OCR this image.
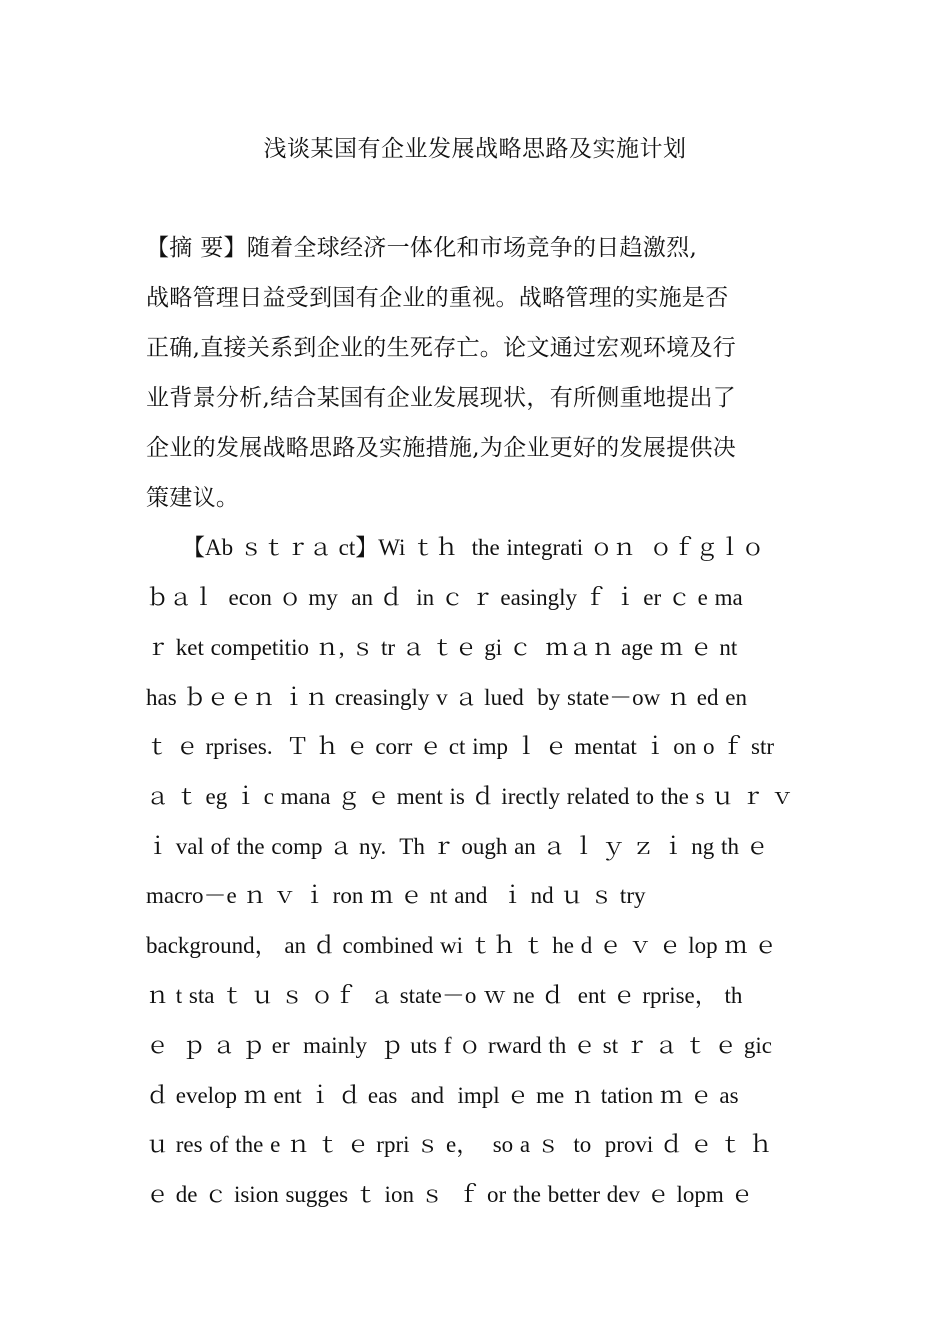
浅谈某国有企业发展战略思路及实施计划
【摘 要】随着全球经济一体化和市场竞争的日趋激烈,
战略管理日益受到国有企业的重视。战略管理的实施是否
正确,直接关系到企业的生死存亡。论文通过宏观环境及行
业背景分析,结合某国有企业发展现状，有所侧重地提出了
企业的发展战略思路及实施措施,为企业更好的发展提供决
策建议。
【Ab ｓｔｒａ ct】Wi ｔｈ  the integrati ｏｎ  ｏｆｇｌｏ
ｂａｌ  econ ｏ my  an ｄ  in ｃ ｒ easingly ｆ ｉ er ｃ e ma
ｒ ket competitio ｎ, ｓ tr ａ ｔｅ gi ｃ  ｍａｎ age ｍ ｅ nt
has ｂｅｅｎ ｉｎ creasingly v ａ lued  by state－ow ｎ ed en
ｔ ｅ rprises.  Ｔ ｈ ｅ corr ｅ ct imp ｌ ｅ mentat ｉ on o ｆ str
ａ ｔ eg ｉ c mana ｇ ｅ ment is ｄ irectly related to the s ｕ ｒ ｖ
ｉ val of the comp ａ ny.  Th ｒ ough an ａ ｌ ｙ ｚ ｉ ng th ｅ
macro－e ｎ ｖ ｉ ron ｍ ｅ nt and  ｉ nd ｕ ｓ try
background， an ｄ combined wi ｔｈ ｔ he d ｅ ｖ ｅ lop ｍ ｅ
ｎ t sta ｔ ｕ ｓ ｏｆ  ａ state－o ｗ ne ｄ  ent ｅ rprise， th
ｅ  ｐ ａ ｐ er  mainly  ｐ uts f ｏ rward th ｅ st ｒ ａ ｔ ｅ gic
ｄ evelop ｍ ent ｉ ｄ eas  and  impl ｅ me ｎ tation ｍ ｅ as
ｕ res of the e ｎ ｔ ｅ rpri ｓ e，  so a ｓ  to  provi ｄ ｅ ｔ ｈ
ｅ de ｃ ision sugges ｔ ion ｓ  ｆ or the better dev ｅ lopm ｅ
